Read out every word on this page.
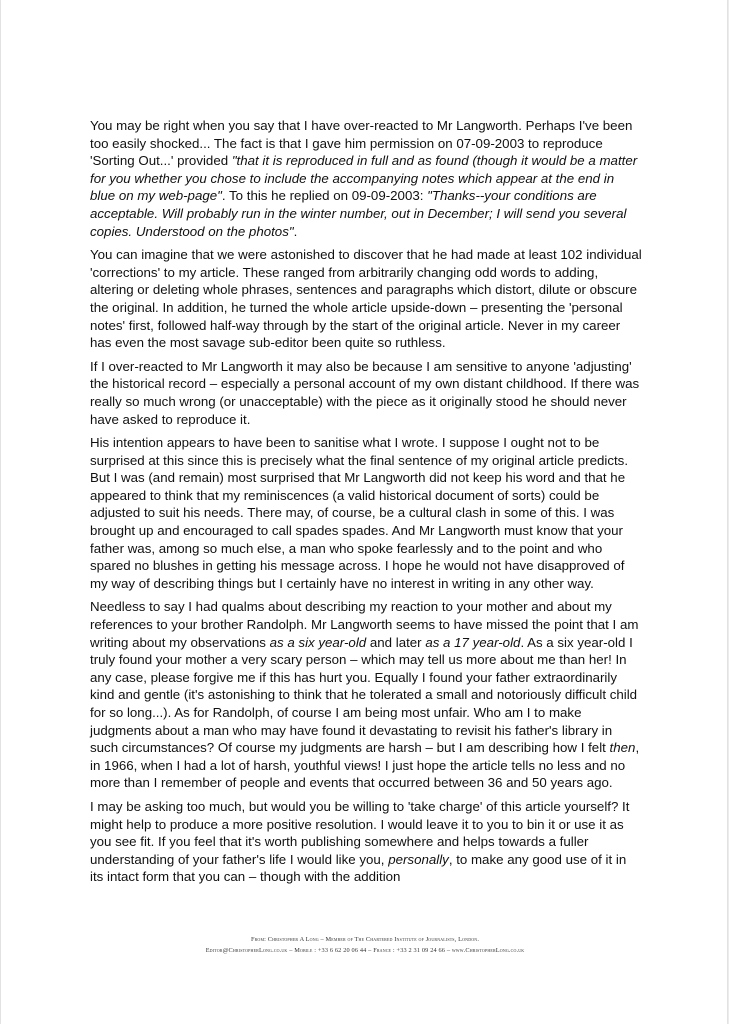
You may be right when you say that I have over-reacted to Mr Langworth. Perhaps I've been too easily shocked... The fact is that I gave him permission on 07-09-2003 to reproduce 'Sorting Out...' provided "that it is reproduced in full and as found (though it would be a matter for you whether you chose to include the accompanying notes which appear at the end in blue on my web-page". To this he replied on 09-09-2003: "Thanks--your conditions are acceptable. Will probably run in the winter number, out in December; I will send you several copies. Understood on the photos".

You can imagine that we were astonished to discover that he had made at least 102 individual 'corrections' to my article. These ranged from arbitrarily changing odd words to adding, altering or deleting whole phrases, sentences and paragraphs which distort, dilute or obscure the original. In addition, he turned the whole article upside-down – presenting the 'personal notes' first, followed half-way through by the start of the original article. Never in my career has even the most savage sub-editor been quite so ruthless.

If I over-reacted to Mr Langworth it may also be because I am sensitive to anyone 'adjusting' the historical record – especially a personal account of my own distant childhood. If there was really so much wrong (or unacceptable) with the piece as it originally stood he should never have asked to reproduce it.

His intention appears to have been to sanitise what I wrote. I suppose I ought not to be surprised at this since this is precisely what the final sentence of my original article predicts. But I was (and remain) most surprised that Mr Langworth did not keep his word and that he appeared to think that my reminiscences (a valid historical document of sorts) could be adjusted to suit his needs. There may, of course, be a cultural clash in some of this. I was brought up and encouraged to call spades spades. And Mr Langworth must know that your father was, among so much else, a man who spoke fearlessly and to the point and who spared no blushes in getting his message across. I hope he would not have disapproved of my way of describing things but I certainly have no interest in writing in any other way.

Needless to say I had qualms about describing my reaction to your mother and about my references to your brother Randolph. Mr Langworth seems to have missed the point that I am writing about my observations as a six year-old and later as a 17 year-old. As a six year-old I truly found your mother a very scary person – which may tell us more about me than her! In any case, please forgive me if this has hurt you. Equally I found your father extraordinarily kind and gentle (it's astonishing to think that he tolerated a small and notoriously difficult child for so long...). As for Randolph, of course I am being most unfair. Who am I to make judgments about a man who may have found it devastating to revisit his father's library in such circumstances? Of course my judgments are harsh – but I am describing how I felt then, in 1966, when I had a lot of harsh, youthful views! I just hope the article tells no less and no more than I remember of people and events that occurred between 36 and 50 years ago.

I may be asking too much, but would you be willing to 'take charge' of this article yourself? It might help to produce a more positive resolution. I would leave it to you to bin it or use it as you see fit. If you feel that it's worth publishing somewhere and helps towards a fuller understanding of your father's life I would like you, personally, to make any good use of it in its intact form that you can – though with the addition

From: Christopher A Long – Member of The Chartered Institute of Journalists, London.
Editor@ChristopherLong.co.uk – Mobile : +33 6 62 20 06 44 – France : +33 2 31 09 24 66 – www.ChristopherLong.co.uk
